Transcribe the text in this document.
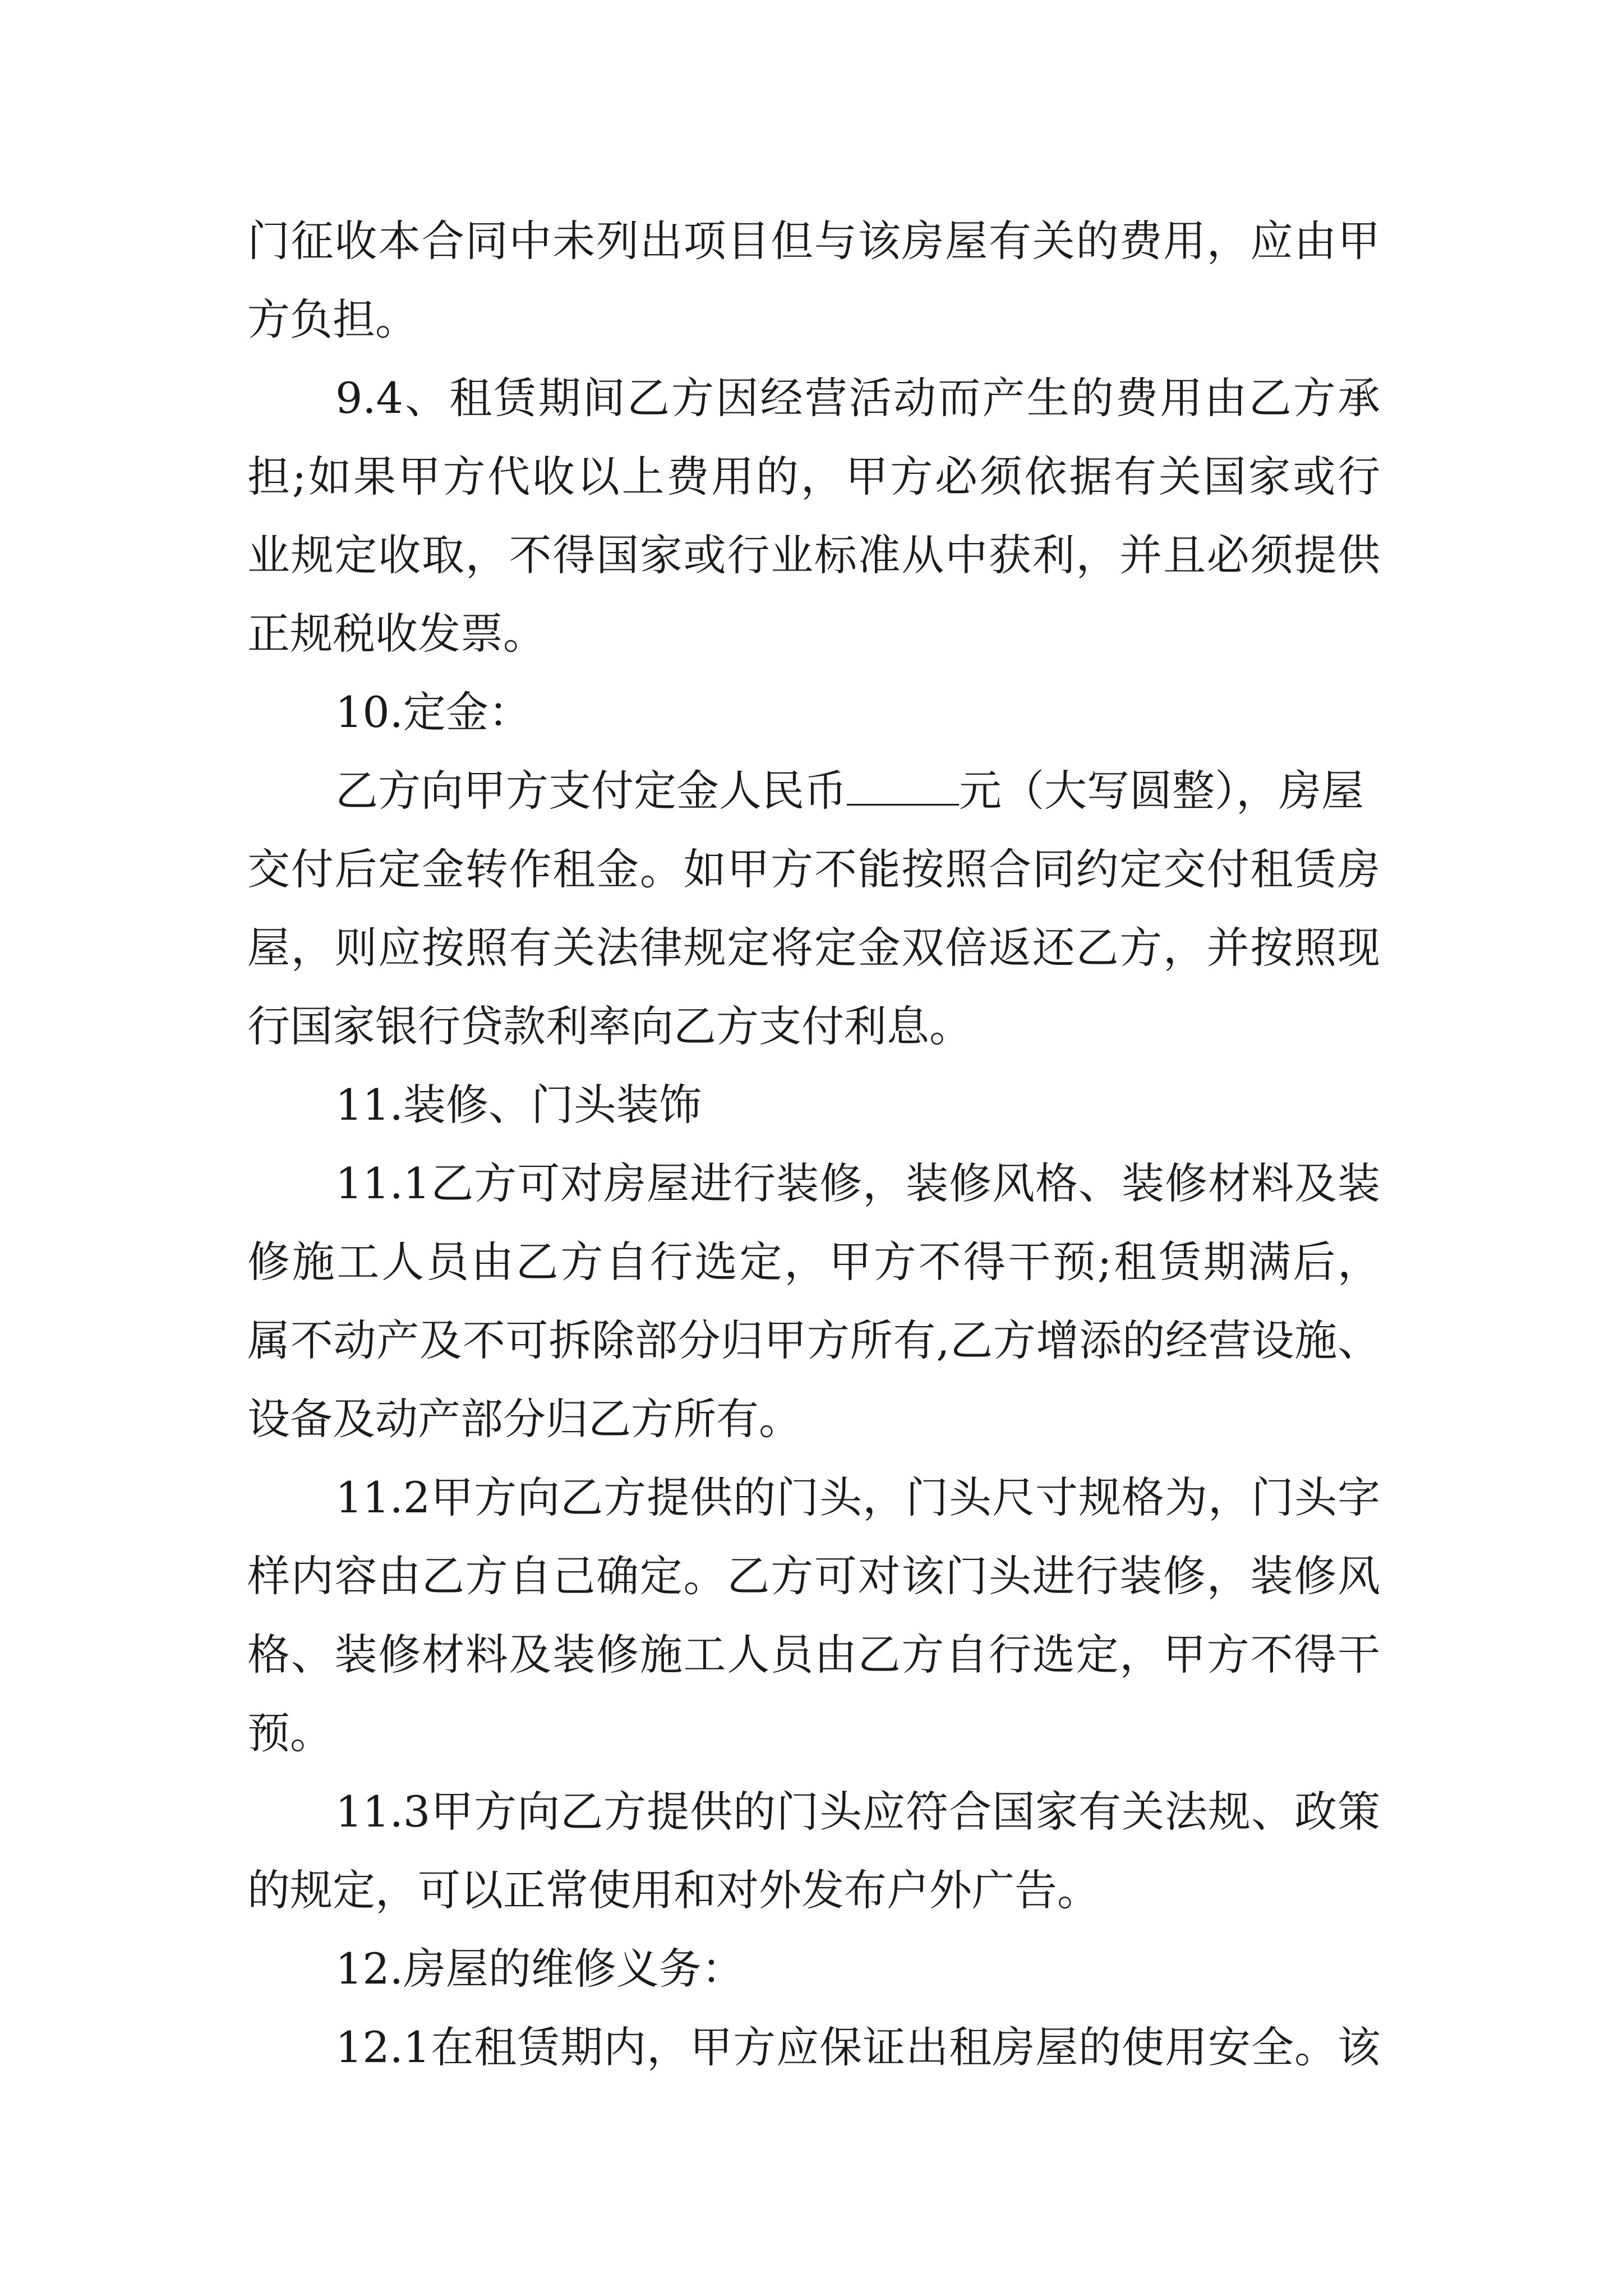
门征收本合同中未列出项目但与该房屋有关的费用，应由甲
方负担。
9.4、租赁期间乙方因经营活动而产生的费用由乙方承
担;如果甲方代收以上费用的，甲方必须依据有关国家或行
业规定收取，不得国家或行业标准从中获利，并且必须提供
正规税收发票。
10.定金：
乙方向甲方支付定金人民币	元（大写圆整），房屋
交付后定金转作租金。如甲方不能按照合同约定交付租赁房
屋，则应按照有关法律规定将定金双倍返还乙方，并按照现
行国家银行贷款利率向乙方支付利息。
11.装修、门头装饰
11.1乙方可对房屋进行装修，装修风格、装修材料及装
修施工人员由乙方自行选定，甲方不得干预;租赁期满后，
属不动产及不可拆除部分归甲方所有,乙方增添的经营设施、
设备及动产部分归乙方所有。
11.2甲方向乙方提供的门头，门头尺寸规格为，门头字
样内容由乙方自己确定。乙方可对该门头进行装修，装修风
格、装修材料及装修施工人员由乙方自行选定，甲方不得干
预。
11.3甲方向乙方提供的门头应符合国家有关法规、政策
的规定，可以正常使用和对外发布户外广告。
12.房屋的维修义务：
12.1在租赁期内，甲方应保证出租房屋的使用安全。该
